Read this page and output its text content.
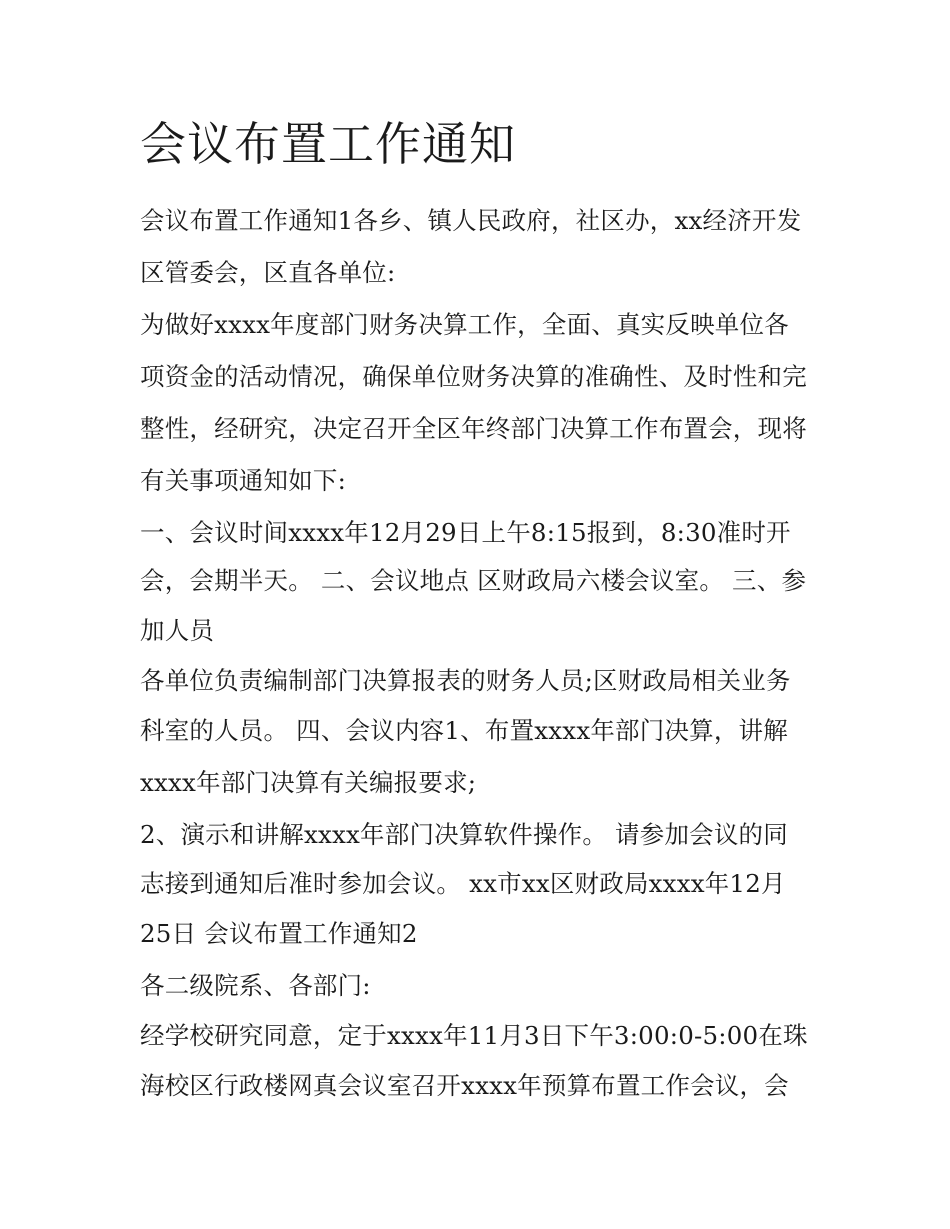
会议布置工作通知
会议布置工作通知1各乡、镇人民政府，社区办，xx经济开发
区管委会，区直各单位:
为做好xxxx年度部门财务决算工作，全面、真实反映单位各
项资金的活动情况，确保单位财务决算的准确性、及时性和完
整性，经研究，决定召开全区年终部门决算工作布置会，现将
有关事项通知如下:
一、会议时间xxxx年12月29日上午8:15报到，8:30准时开
会，会期半天。 二、会议地点 区财政局六楼会议室。 三、参
加人员
各单位负责编制部门决算报表的财务人员;区财政局相关业务
科室的人员。 四、会议内容1、布置xxxx年部门决算，讲解
xxxx年部门决算有关编报要求;
2、演示和讲解xxxx年部门决算软件操作。 请参加会议的同
志接到通知后准时参加会议。 xx市xx区财政局xxxx年12月
25日 会议布置工作通知2
各二级院系、各部门:
经学校研究同意，定于xxxx年11月3日下午3:00:0-5:00在珠
海校区行政楼网真会议室召开xxxx年预算布置工作会议，会
